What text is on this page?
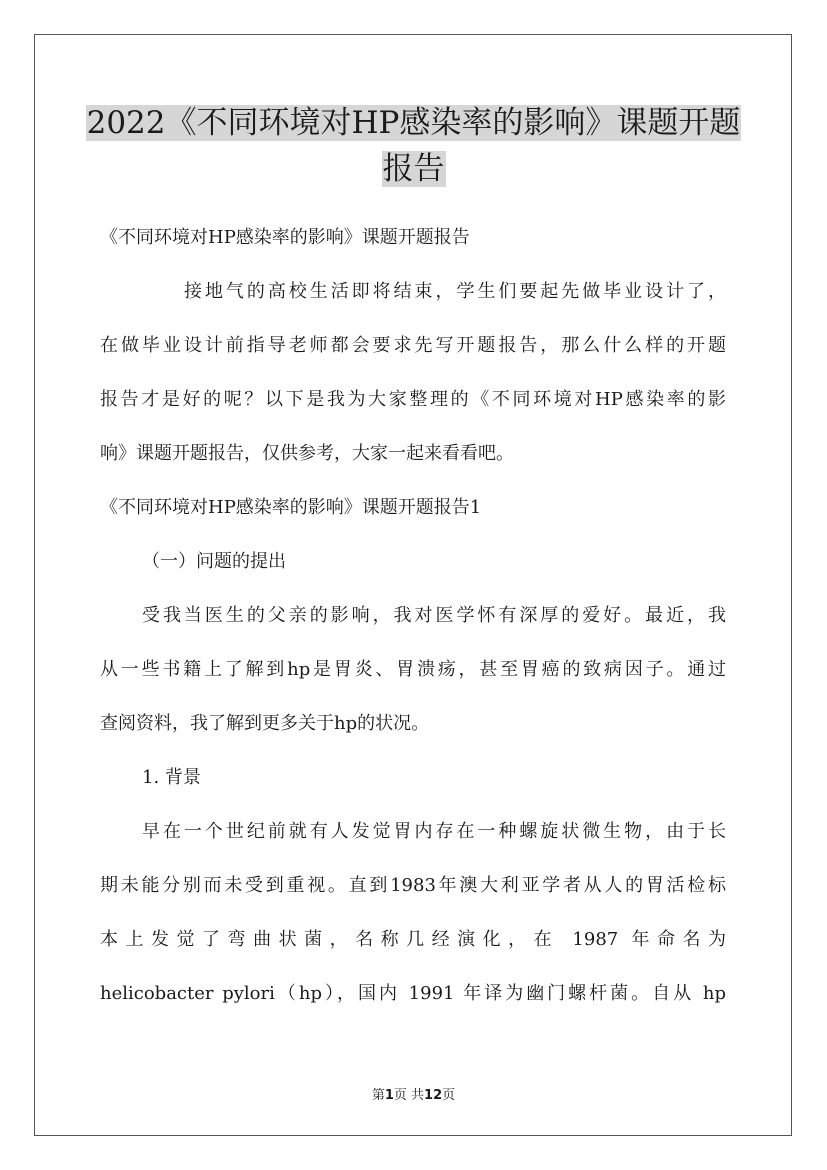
2022《不同环境对HP感染率的影响》课题开题
报告
《不同环境对HP感染率的影响》课题开题报告
接地气的高校生活即将结束，学生们要起先做毕业设计了，
在做毕业设计前指导老师都会要求先写开题报告，那么什么样的开题
报告才是好的呢？以下是我为大家整理的《不同环境对HP感染率的影
响》课题开题报告，仅供参考，大家一起来看看吧。
《不同环境对HP感染率的影响》课题开题报告1
（一）问题的提出
受我当医生的父亲的影响，我对医学怀有深厚的爱好。最近，我
从一些书籍上了解到hp是胃炎、胃溃疡，甚至胃癌的致病因子。通过
查阅资料，我了解到更多关于hp的状况。
1. 背景
早在一个世纪前就有人发觉胃内存在一种螺旋状微生物，由于长
期未能分别而未受到重视。直到1983年澳大利亚学者从人的胃活检标
本上发觉了弯曲状菌，名称几经演化，在 1987 年命名为
helicobacter pylori（hp），国内 1991 年译为幽门螺杆菌。自从 hp
第1页 共12页
